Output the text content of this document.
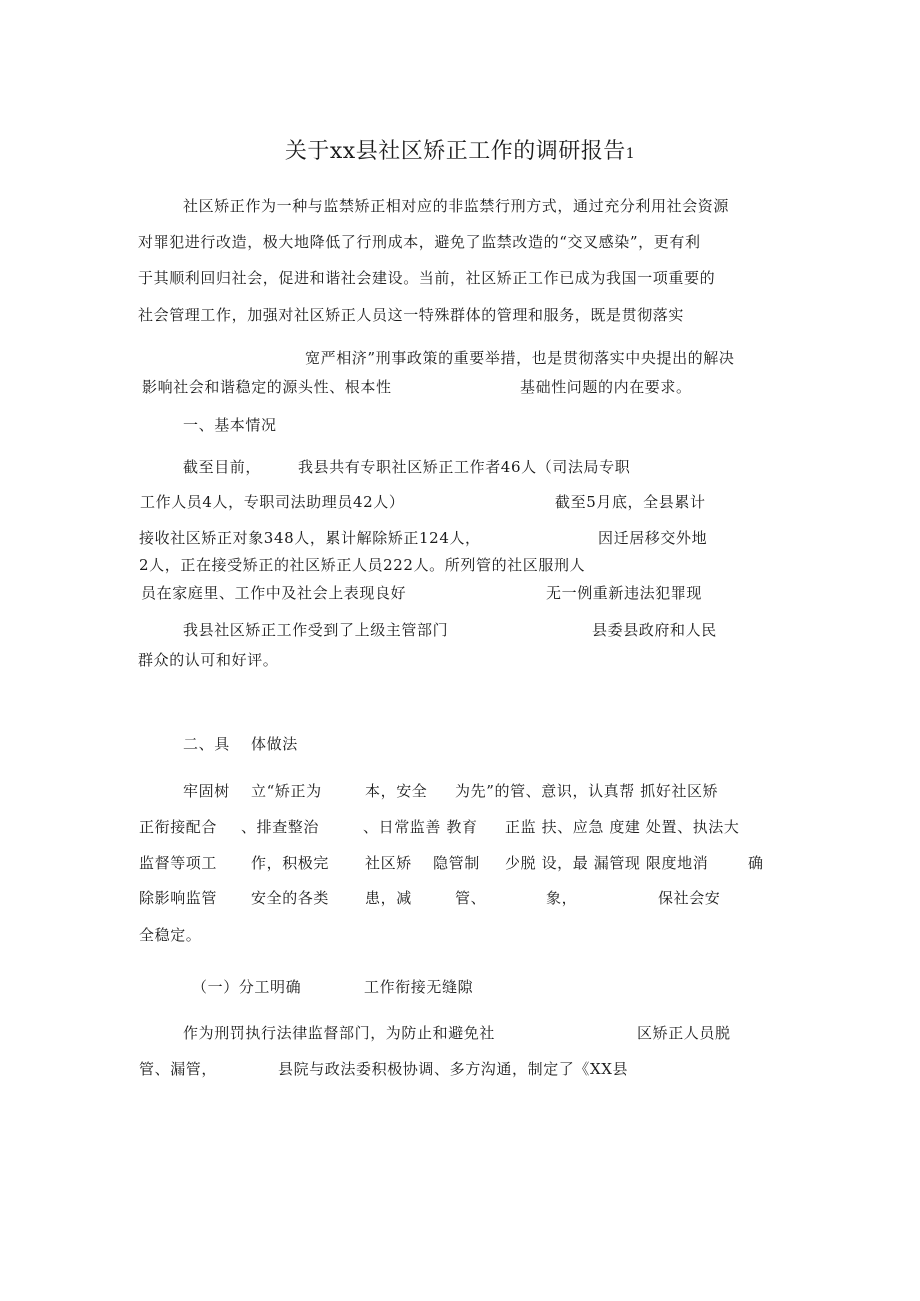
关于xx县社区矫正工作的调研报告1
社区矫正作为一种与监禁矫正相对应的非监禁行刑方式，通过充分利用社会资源
对罪犯进行改造，极大地降低了行刑成本，避免了监禁改造的“交叉感染”，更有利
于其顺利回归社会，促进和谐社会建设。当前，社区矫正工作已成为我国一项重要的
社会管理工作，加强对社区矫正人员这一特殊群体的管理和服务，既是贯彻落实
宽严相济”刑事政策的重要举措，也是贯彻落实中央提出的解决
影响社会和谐稳定的源头性、根本性	基础性问题的内在要求。
一、基本情况
截至目前， 我县共有专职社区矫正工作者46人（司法局专职
工作人员4人，专职司法助理员42人）	截至5月底，全县累计
接收社区矫正对象348人，累计解除矫正124人，	因迁居移交外地
2人，正在接受矫正的社区矫正人员222人。所列管的社区服刑人
员在家庭里、工作中及社会上表现良好	无一例重新违法犯罪现
我县社区矫正工作受到了上级主管部门	县委县政府和人民
群众的认可和好评。
二、具 体做法
牢固树 立“矫正为	本，安全 为先”的管、意识，认真帮 抓好社区矫
正衔接配合 、排查整治	、日常监善 教育 正监 扶、应急 度建 处置、执法大
监督等项工 作，积极完 社区矫 隐管制 少脱 设，最 漏管现 限度地消	确
除影响监管 安全的各类 患，减	管、	象，	保社会安
全稳定。
（一）分工明确	工作衔接无缝隙
作为刑罚执行法律监督部门，为防止和避免社	区矫正人员脱
管、漏管，	县院与政法委积极协调、多方沟通，制定了《XX县
